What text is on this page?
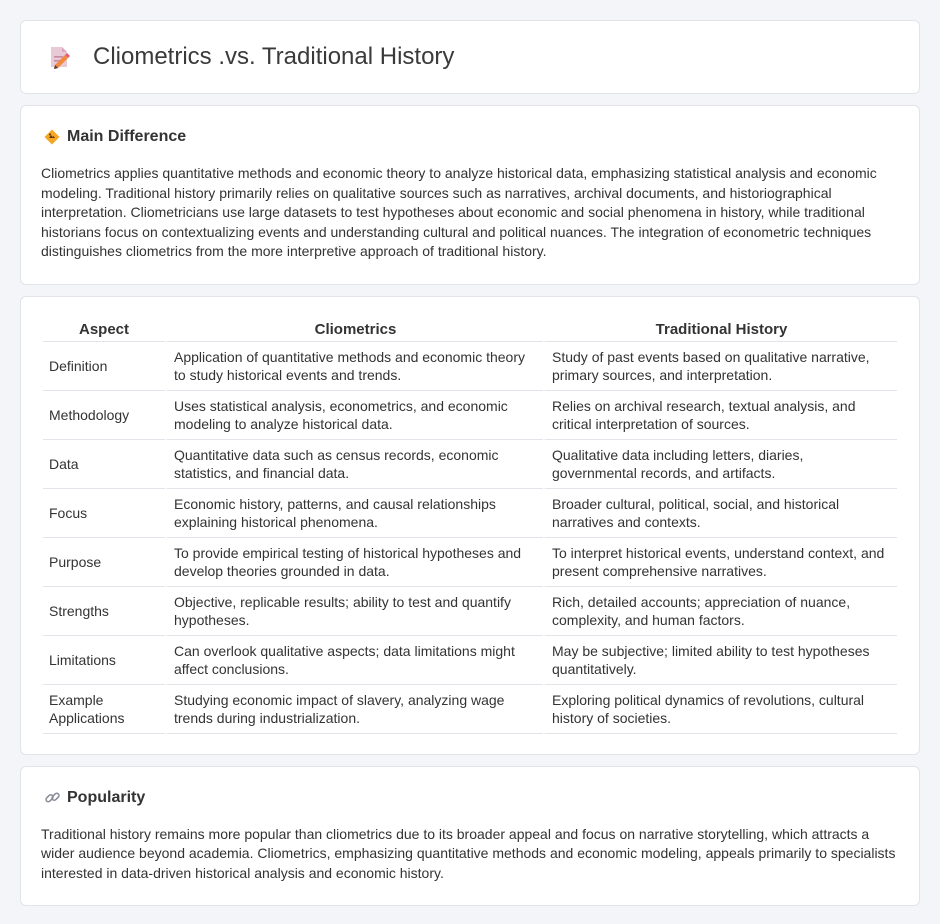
Cliometrics .vs. Traditional History
Main Difference

Cliometrics applies quantitative methods and economic theory to analyze historical data, emphasizing statistical analysis and economic modeling. Traditional history primarily relies on qualitative sources such as narratives, archival documents, and historiographical interpretation. Cliometricians use large datasets to test hypotheses about economic and social phenomena in history, while traditional historians focus on contextualizing events and understanding cultural and political nuances. The integration of econometric techniques distinguishes cliometrics from the more interpretive approach of traditional history.

Aspect	Cliometrics	Traditional History
Definition	Application of quantitative methods and economic theory to study historical events and trends.	Study of past events based on qualitative narrative, primary sources, and interpretation.
Methodology	Uses statistical analysis, econometrics, and economic modeling to analyze historical data.	Relies on archival research, textual analysis, and critical interpretation of sources.
Data	Quantitative data such as census records, economic statistics, and financial data.	Qualitative data including letters, diaries, governmental records, and artifacts.
Focus	Economic history, patterns, and causal relationships explaining historical phenomena.	Broader cultural, political, social, and historical narratives and contexts.
Purpose	To provide empirical testing of historical hypotheses and develop theories grounded in data.	To interpret historical events, understand context, and present comprehensive narratives.
Strengths	Objective, replicable results; ability to test and quantify hypotheses.	Rich, detailed accounts; appreciation of nuance, complexity, and human factors.
Limitations	Can overlook qualitative aspects; data limitations might affect conclusions.	May be subjective; limited ability to test hypotheses quantitatively.
Example Applications	Studying economic impact of slavery, analyzing wage trends during industrialization.	Exploring political dynamics of revolutions, cultural history of societies.
Popularity

Traditional history remains more popular than cliometrics due to its broader appeal and focus on narrative storytelling, which attracts a wider audience beyond academia. Cliometrics, emphasizing quantitative methods and economic modeling, appeals primarily to specialists interested in data-driven historical analysis and economic history.
